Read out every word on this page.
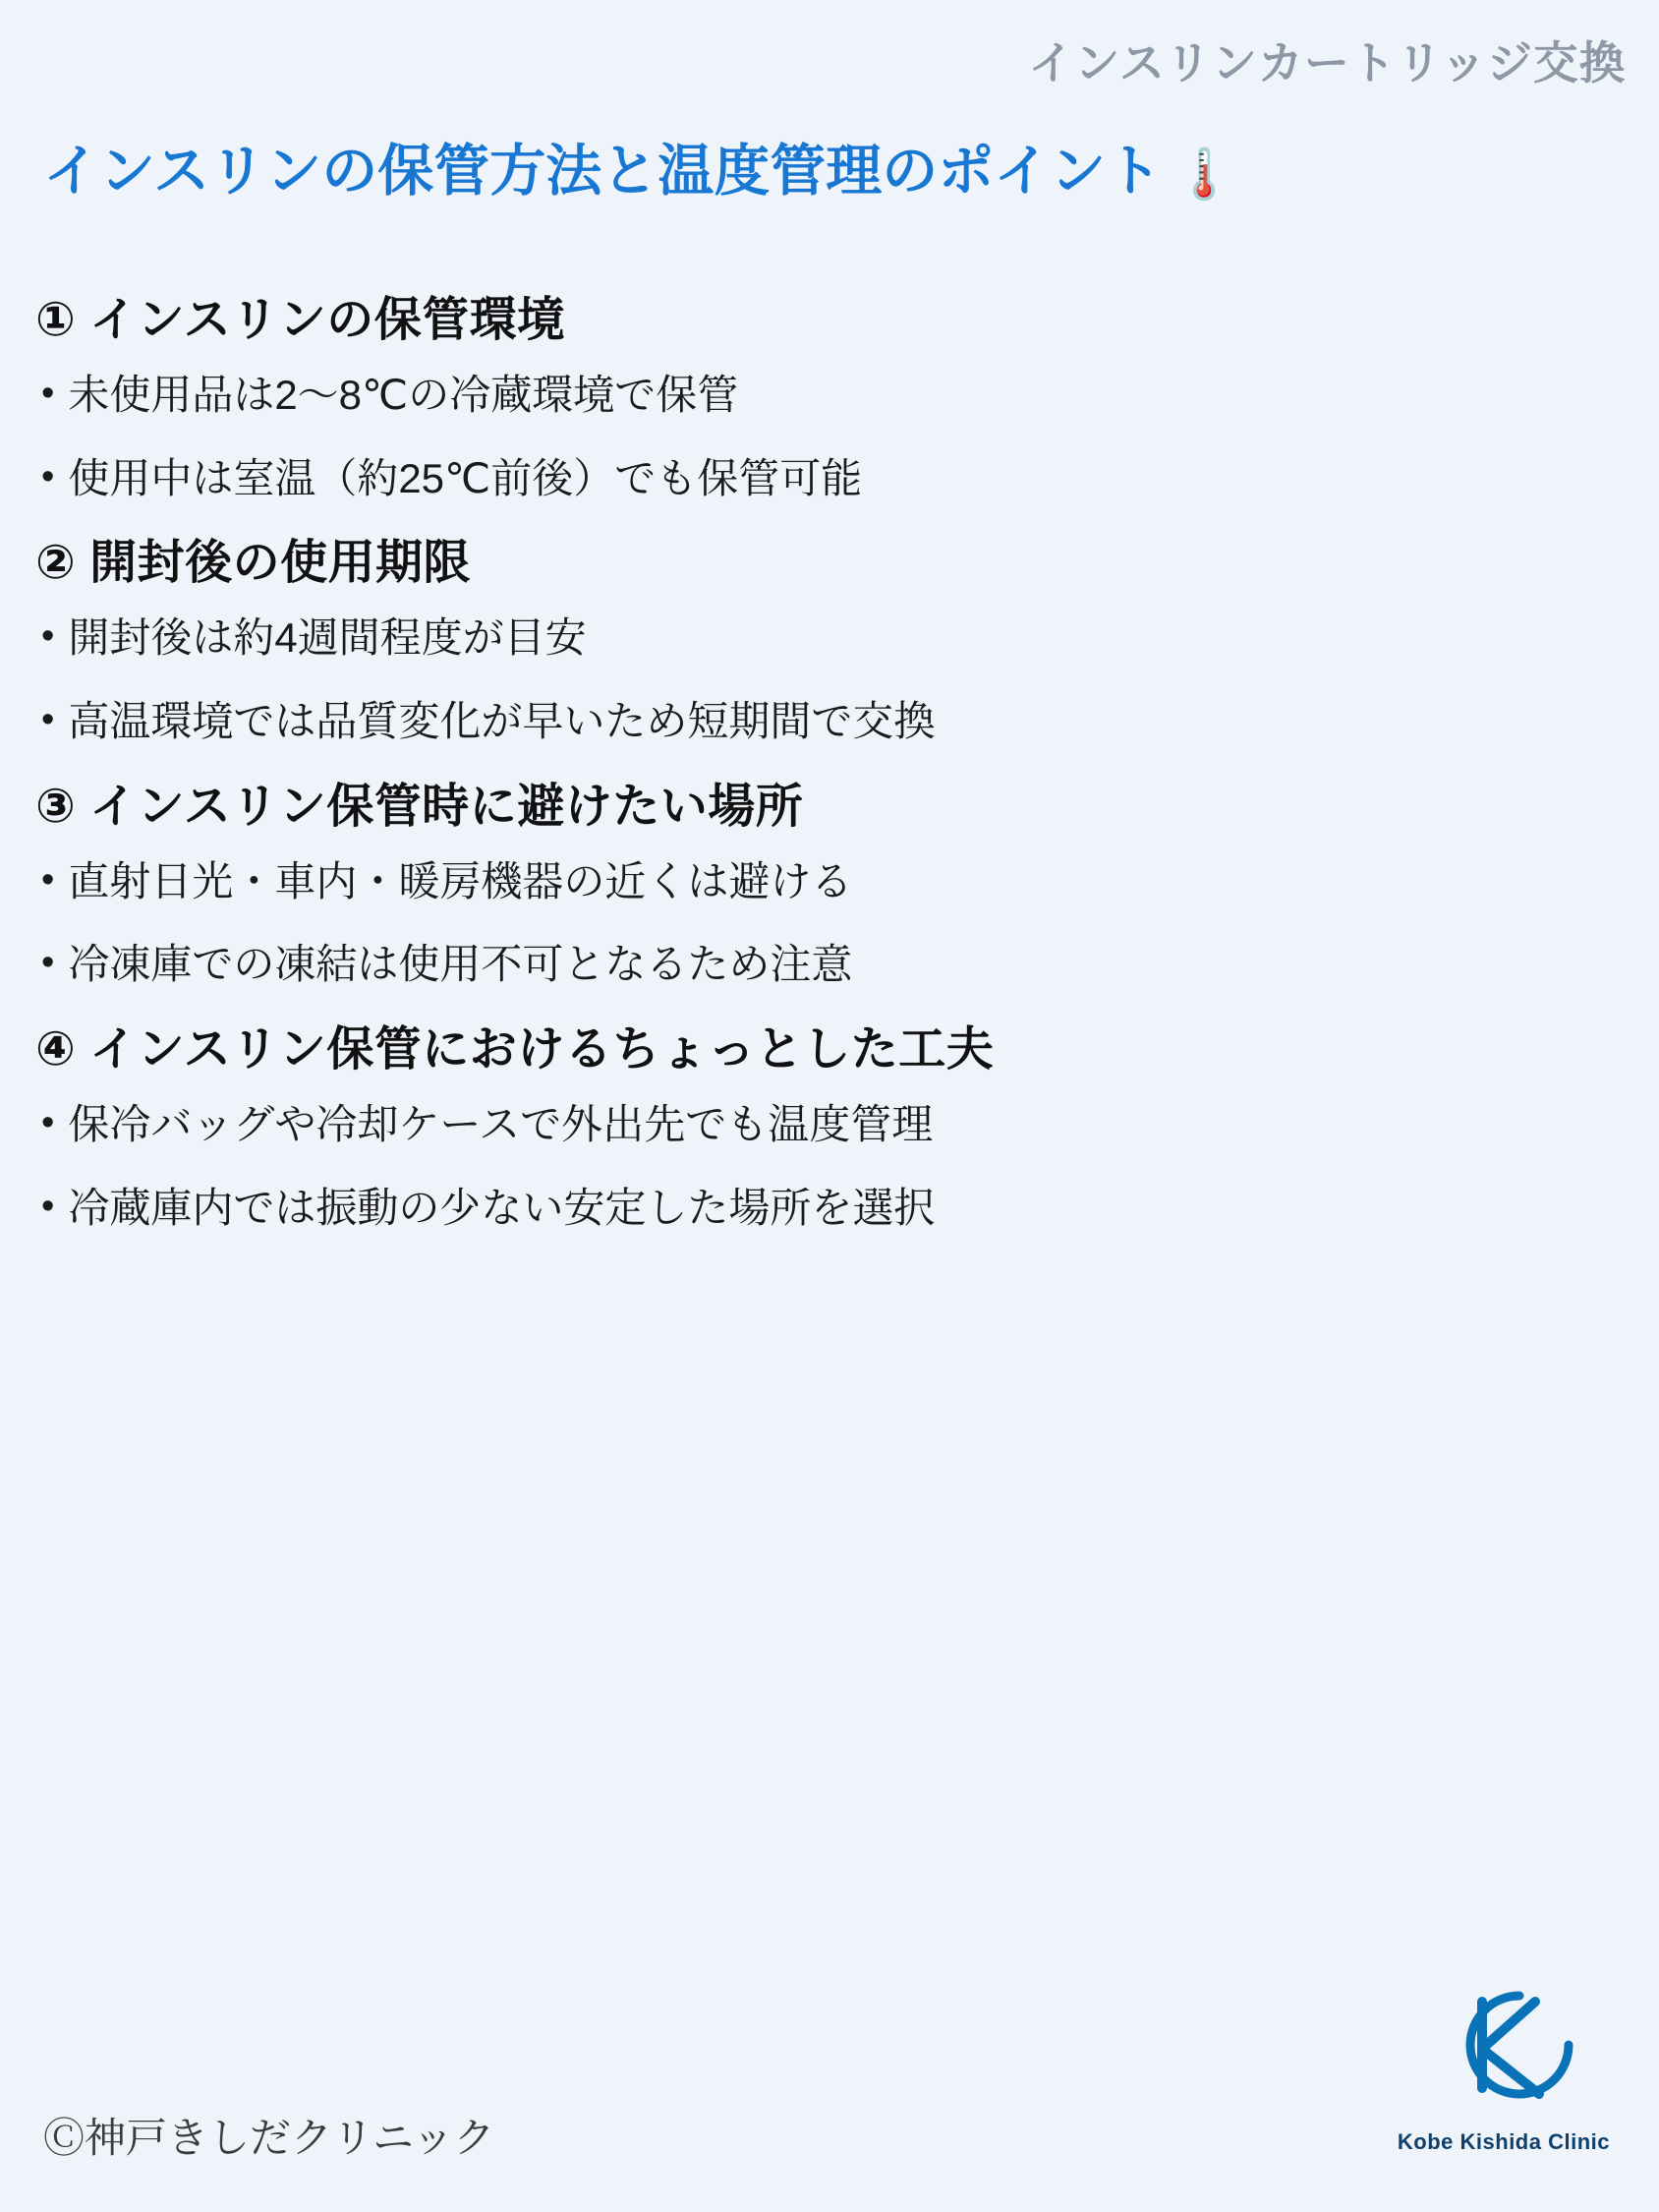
インスリンカートリッジ交換
インスリンの保管方法と温度管理のポイント 🌡️
① インスリンの保管環境
• 未使用品は2〜8℃の冷蔵環境で保管
• 使用中は室温（約25℃前後）でも保管可能
② 開封後の使用期限
• 開封後は約4週間程度が目安
• 高温環境では品質変化が早いため短期間で交換
③ インスリン保管時に避けたい場所
• 直射日光・車内・暖房機器の近くは避ける
• 冷凍庫での凍結は使用不可となるため注意
④ インスリン保管におけるちょっとした工夫
• 保冷バッグや冷却ケースで外出先でも温度管理
• 冷蔵庫内では振動の少ない安定した場所を選択
Ⓒ神戸きしだクリニック	Kobe Kishida Clinic
